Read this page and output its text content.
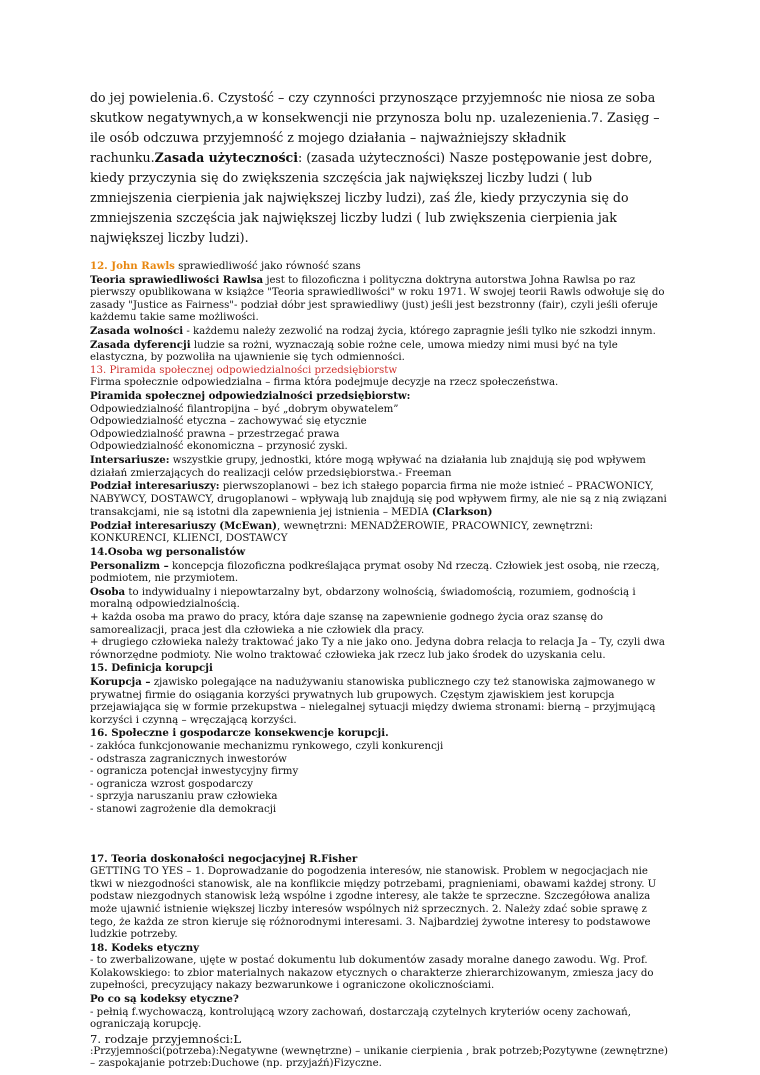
do jej powielenia.6. Czystość – czy czynności przynoszące przyjemnośc nie niosa ze soba skutkow negatywnych,a w konsekwencji nie przynosza bolu np. uzalezenienia.7. Zasięg – ile osób odczuwa przyjemność z mojego działania – najważniejszy składnik rachunku.Zasada użyteczności: (zasada użyteczności) Nasze postępowanie jest dobre, kiedy przyczynia się do zwiększenia szczęścia jak największej liczby ludzi ( lub zmniejszenia cierpienia jak największej liczby ludzi), zaś źle, kiedy przyczynia się do zmniejszenia szczęścia jak największej liczby ludzi ( lub zwiększenia cierpienia jak największej liczby ludzi).

12. John Rawls sprawiedliwość jako równość szans

Teoria sprawiedliwości Rawlsa jest to filozoficzna i polityczna doktryna autorstwa Johna Rawlsa po raz pierwszy opublikowana w książce "Teoria sprawiedliwości" w roku 1971. W swojej teorii Rawls odwołuje się do zasady "Justice as Fairness"- podział dóbr jest sprawiedliwy (just) jeśli jest bezstronny (fair), czyli jeśli oferuje każdemu takie same możliwości.

Zasada wolności - każdemu należy zezwolić na rodzaj życia, którego zapragnie jeśli tylko nie szkodzi innym.

Zasada dyferencji ludzie sa rożni, wyznaczają sobie rożne cele, umowa miedzy nimi musi być na tyle elastyczna, by pozwoliła na ujawnienie się tych odmienności.

13. Piramida społecznej odpowiedzialności przedsiębiorstw

Firma społecznie odpowiedzialna – firma która podejmuje decyzje na rzecz społeczeństwa.

Piramida społecznej odpowiedzialności przedsiębiorstw:

Odpowiedzialność filantropijna – być „dobrym obywatelem”

Odpowiedzialność etyczna – zachowywać się etycznie

Odpowiedzialność prawna – przestrzegać prawa

Odpowiedzialność ekonomiczna – przynosić zyski.

Intersariusze: wszystkie grupy, jednostki, które mogą wpływać na działania lub znajdują się pod wpływem działań zmierzających do realizacji celów przedsiębiorstwa.- Freeman

Podział interesariuszy: pierwszoplanowi – bez ich stałego poparcia firma nie może istnieć – PRACWONICY, NABYWCY, DOSTAWCY, drugoplanowi – wpływają lub znajdują się pod wpływem firmy, ale nie są z nią związani transakcjami, nie są istotni dla zapewnienia jej istnienia – MEDIA (Clarkson)

Podział interesariuszy (McEwan), wewnętrzni: MENADŻEROWIE, PRACOWNICY, zewnętrzni: KONKURENCI, KLIENCI, DOSTAWCY

14.Osoba wg personalistów

Personalizm – koncepcja filozoficzna podkreślająca prymat osoby Nd rzeczą. Człowiek jest osobą, nie rzeczą, podmiotem, nie przymiotem.

Osoba to indywidualny i niepowtarzalny byt, obdarzony wolnością, świadomością, rozumiem, godnością i moralną odpowiedzialnością.

+ każda osoba ma prawo do pracy, która daje szansę na zapewnienie godnego życia oraz szansę do samorealizacji, praca jest dla człowieka a nie człowiek dla pracy.

+ drugiego człowieka należy traktować jako Ty a nie jako ono. Jedyna dobra relacja to relacja Ja – Ty, czyli dwa równorzędne podmioty. Nie wolno traktować człowieka jak rzecz lub jako środek do uzyskania celu.

15. Definicja korupcji

Korupcja – zjawisko polegające na nadużywaniu stanowiska publicznego czy też stanowiska zajmowanego w prywatnej firmie do osiągania korzyści prywatnych lub grupowych. Częstym zjawiskiem jest korupcja przejawiająca się w formie przekupstwa – nielegalnej sytuacji między dwiema stronami: bierną – przyjmującą korzyści i czynną – wręczającą korzyści.

16. Społeczne i gospodarcze konsekwencje korupcji.

- zakłóca funkcjonowanie mechanizmu rynkowego, czyli konkurencji

- odstrasza zagranicznych inwestorów

- ogranicza potencjał inwestycyjny firmy

- ogranicza wzrost gospodarczy

- sprzyja naruszaniu praw człowieka

- stanowi zagrożenie dla demokracji

17. Teoria doskonałości negocjacyjnej R.Fisher

GETTING TO YES – 1. Doprowadzanie do pogodzenia interesów, nie stanowisk. Problem w negocjacjach nie tkwi w niezgodności stanowisk, ale na konflikcie między potrzebami, pragnieniami, obawami każdej strony. U podstaw niezgodnych stanowisk leżą wspólne i zgodne interesy, ale także te sprzeczne. Szczegółowa analiza może ujawnić istnienie większej liczby interesów wspólnych niż sprzecznych. 2. Należy zdać sobie sprawę z tego, że każda ze stron kieruje się różnorodnymi interesami. 3. Najbardziej żywotne interesy to podstawowe ludzkie potrzeby.

18. Kodeks etyczny

- to zwerbalizowane, ujęte w postać dokumentu lub dokumentów zasady moralne danego zawodu. Wg. Prof. Kolakowskiego: to zbior materialnych nakazow etycznych o charakterze zhierarchizowanym, zmiesza jacy do zupełności, precyzujący nakazy bezwarunkowe i ograniczone okolicznościami.

Po co są kodeksy etyczne?

- pełnią f.wychowaczą, kontrolującą wzory zachowań, dostarczają czytelnych kryteriów oceny zachowań, ograniczają korupcję.

7. rodzaje przyjemności:L

:Przyjemności(potrzeba):Negatywne (wewnętrzne) – unikanie cierpienia , brak potrzeb;Pozytywne (zewnętrzne) – zaspokajanie potrzeb:Duchowe (np. przyjaźń)Fizyczne.
